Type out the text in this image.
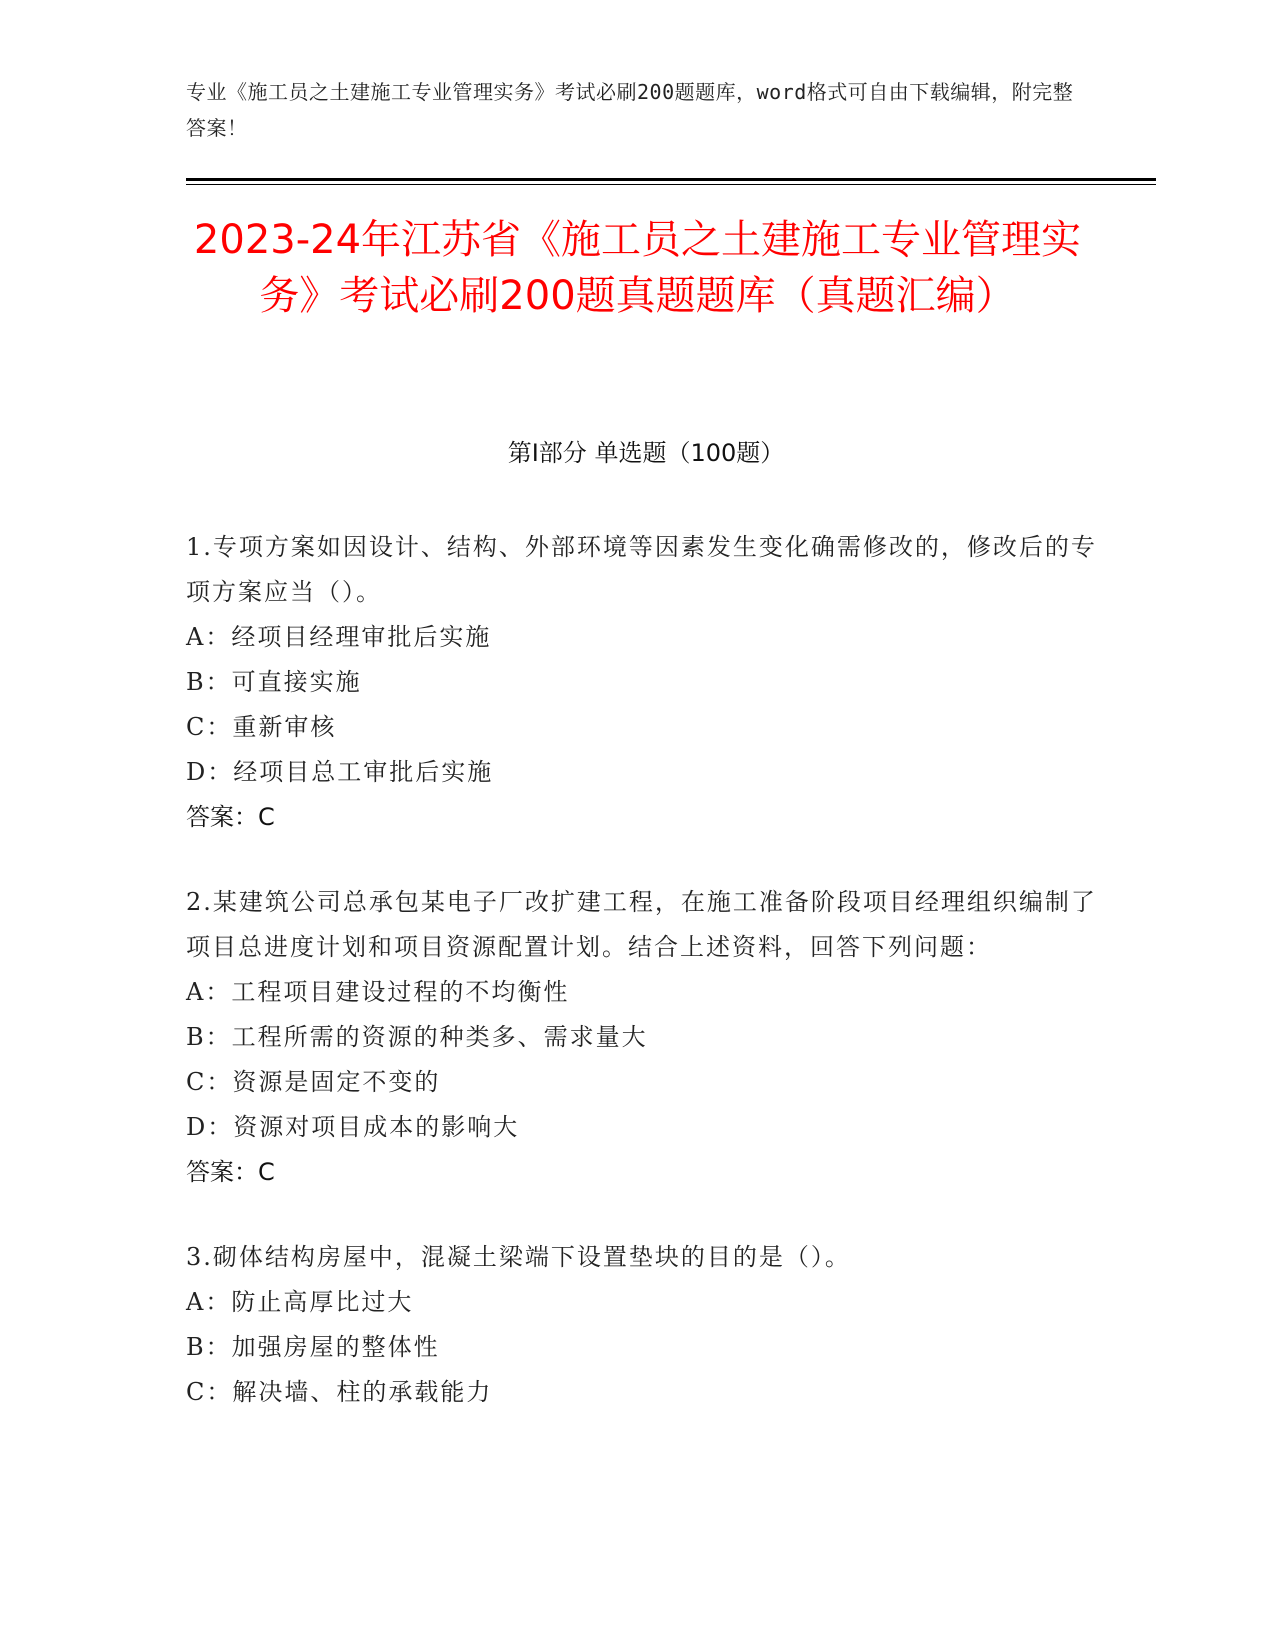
专业《施工员之土建施工专业管理实务》考试必刷200题题库，word格式可自由下载编辑，附完整答案！
2023-24年江苏省《施工员之土建施工专业管理实务》考试必刷200题真题题库（真题汇编）
第Ⅰ部分 单选题（100题）
1.专项方案如因设计、结构、外部环境等因素发生变化确需修改的，修改后的专项方案应当（）。
A：经项目经理审批后实施
B：可直接实施
C：重新审核
D：经项目总工审批后实施
答案：C
2.某建筑公司总承包某电子厂改扩建工程，在施工准备阶段项目经理组织编制了项目总进度计划和项目资源配置计划。结合上述资料，回答下列问题：
A：工程项目建设过程的不均衡性
B：工程所需的资源的种类多、需求量大
C：资源是固定不变的
D：资源对项目成本的影响大
答案：C
3.砌体结构房屋中，混凝土梁端下设置垫块的目的是（）。
A：防止高厚比过大
B：加强房屋的整体性
C：解决墙、柱的承载能力
